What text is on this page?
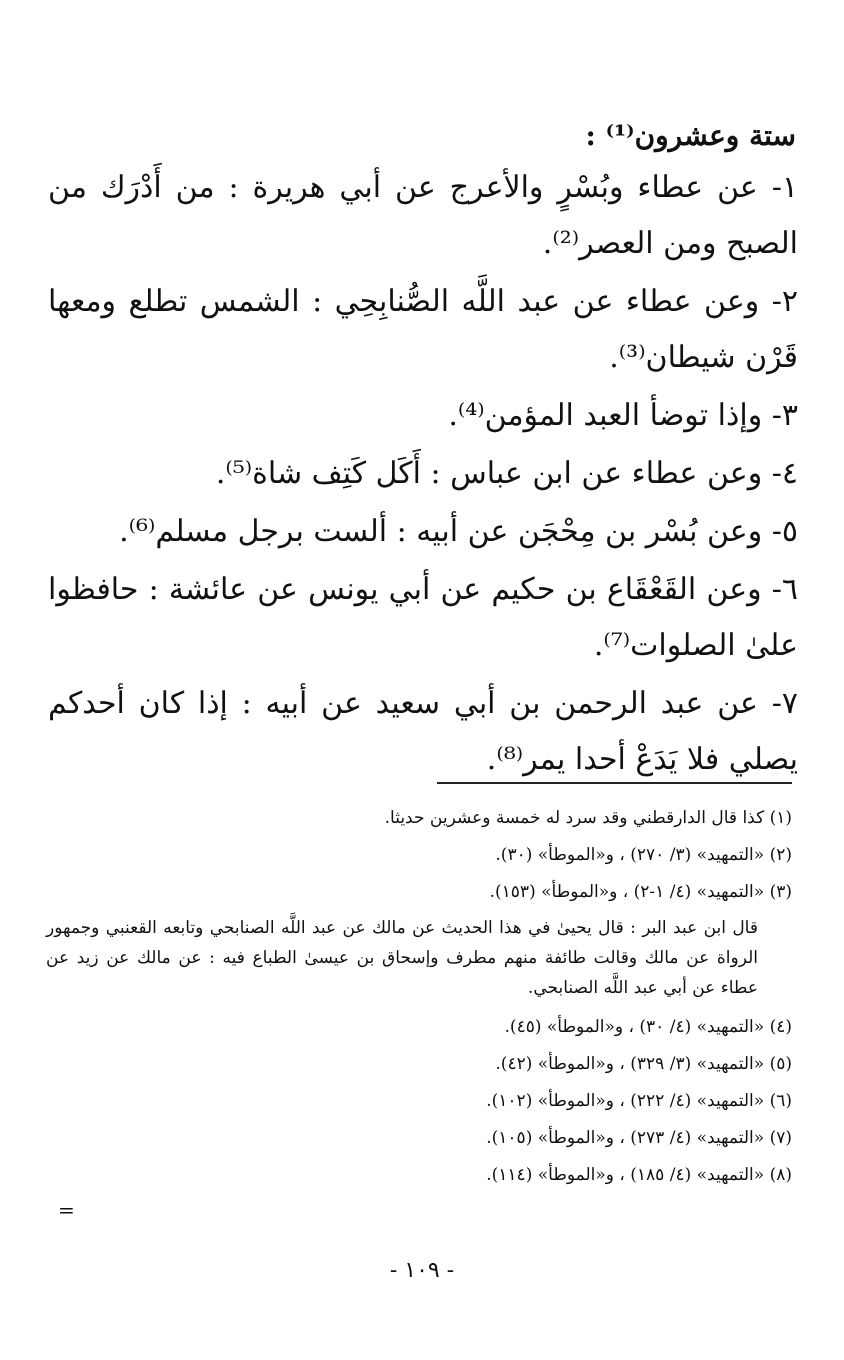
ستة وعشرون⁽¹⁾ :
١- عن عطاء وبُسْرٍ والأعرج عن أبي هريرة : من أَدْرَك من الصبح ومن العصر⁽²⁾.
٢- وعن عطاء عن عبد اللَّه الصُّنابِحِي : الشمس تطلع ومعها قَرْن شيطان⁽³⁾.
٣- وإذا توضأ العبد المؤمن⁽⁴⁾.
٤- وعن عطاء عن ابن عباس : أَكَل كَتِف شاة⁽⁵⁾.
٥- وعن بُسْر بن مِحْجَن عن أبيه : ألست برجل مسلم⁽⁶⁾.
٦- وعن القَعْقَاع بن حكيم عن أبي يونس عن عائشة : حافظوا علىٰ الصلوات⁽⁷⁾.
٧- عن عبد الرحمن بن أبي سعيد عن أبيه : إذا كان أحدكم يصلي فلا يَدَعْ أحدا يمر⁽⁸⁾.
(١) كذا قال الدارقطني وقد سرد له خمسة وعشرين حديثا.
(٢) «التمهيد» (٣/ ٢٧٠) ، و«الموطأ» (٣٠).
(٣) «التمهيد» (٤/ ١-٢) ، و«الموطأ» (١٥٣).
قال ابن عبد البر : قال يحيىٰ في هذا الحديث عن مالك عن عبد اللَّه الصنابحي وتابعه القعنبي وجمهور الرواة عن مالك وقالت طائفة منهم مطرف وإسحاق بن عيسىٰ الطباع فيه : عن مالك عن زيد عن عطاء عن أبي عبد اللَّه الصنابحي.
(٤) «التمهيد» (٤/ ٣٠) ، و«الموطأ» (٤٥).
(٥) «التمهيد» (٣/ ٣٢٩) ، و«الموطأ» (٤٢).
(٦) «التمهيد» (٤/ ٢٢٢) ، و«الموطأ» (١٠٢).
(٧) «التمهيد» (٤/ ٢٧٣) ، و«الموطأ» (١٠٥).
(٨) «التمهيد» (٤/ ١٨٥) ، و«الموطأ» (١١٤).
=
- ١٠٩ -
